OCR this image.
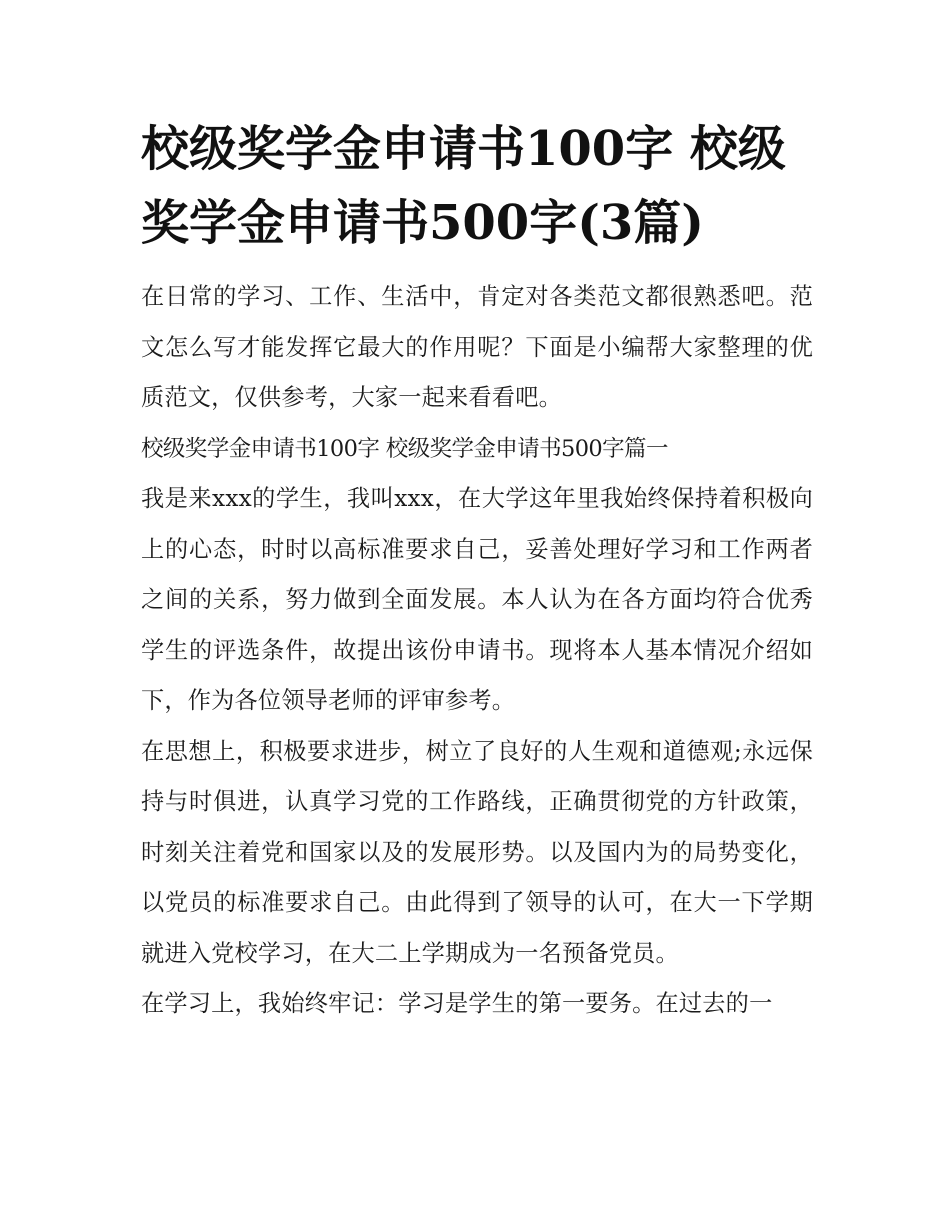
校级奖学金申请书100字 校级奖学金申请书500字(3篇)

在日常的学习、工作、生活中，肯定对各类范文都很熟悉吧。范文怎么写才能发挥它最大的作用呢？下面是小编帮大家整理的优质范文，仅供参考，大家一起来看看吧。

校级奖学金申请书100字 校级奖学金申请书500字篇一

我是来xxx的学生，我叫xxx，在大学这年里我始终保持着积极向上的心态，时时以高标准要求自己，妥善处理好学习和工作两者之间的关系，努力做到全面发展。本人认为在各方面均符合优秀学生的评选条件，故提出该份申请书。现将本人基本情况介绍如下，作为各位领导老师的评审参考。

在思想上，积极要求进步，树立了良好的人生观和道德观;永远保持与时俱进，认真学习党的工作路线，正确贯彻党的方针政策，时刻关注着党和国家以及的发展形势。以及国内为的局势变化，以党员的标准要求自己。由此得到了领导的认可，在大一下学期就进入党校学习，在大二上学期成为一名预备党员。

在学习上，我始终牢记：学习是学生的第一要务。在过去的一
